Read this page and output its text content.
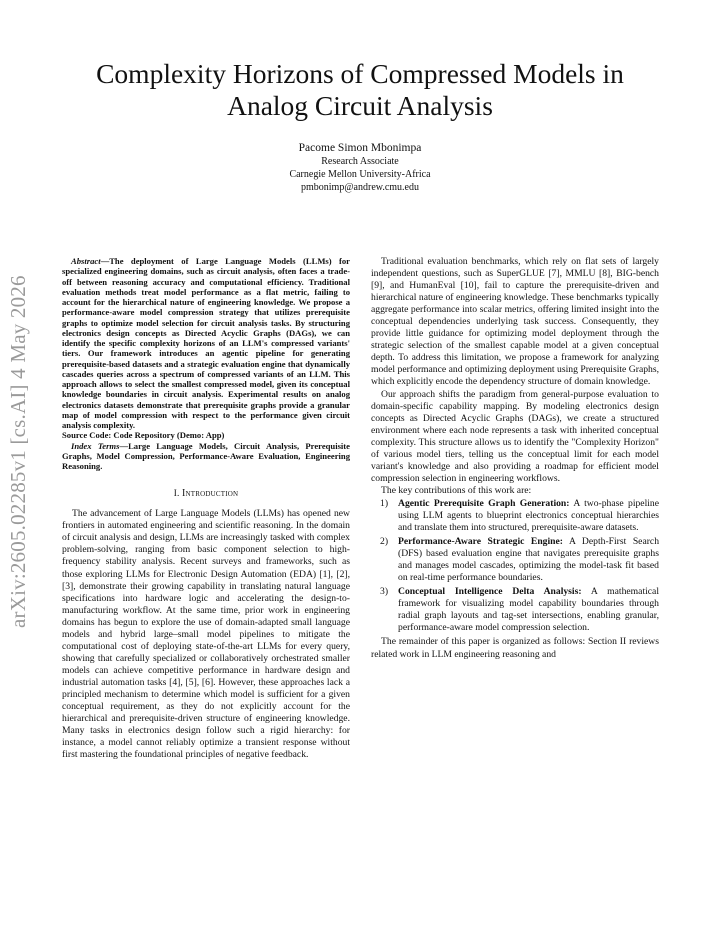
arXiv:2605.02285v1 [cs.AI] 4 May 2026
Complexity Horizons of Compressed Models in Analog Circuit Analysis
Pacome Simon Mbonimpa
Research Associate
Carnegie Mellon University-Africa
pmbonimp@andrew.cmu.edu

Abstract—The deployment of Large Language Models (LLMs) for specialized engineering domains, such as circuit analysis, often faces a trade-off between reasoning accuracy and computational efficiency. Traditional evaluation methods treat model performance as a flat metric, failing to account for the hierarchical nature of engineering knowledge. We propose a performance-aware model compression strategy that utilizes prerequisite graphs to optimize model selection for circuit analysis tasks. By structuring electronics design concepts as Directed Acyclic Graphs (DAGs), we can identify the specific complexity horizons of an LLM's compressed variants' tiers. Our framework introduces an agentic pipeline for generating prerequisite-based datasets and a strategic evaluation engine that dynamically cascades queries across a spectrum of compressed variants of an LLM. This approach allows to select the smallest compressed model, given its conceptual knowledge boundaries in circuit analysis. Experimental results on analog electronics datasets demonstrate that prerequisite graphs provide a granular map of model compression with respect to the performance given circuit analysis complexity.

Source Code: Code Repository (Demo: App)

Index Terms—Large Language Models, Circuit Analysis, Prerequisite Graphs, Model Compression, Performance-Aware Evaluation, Engineering Reasoning.

I. Introduction

The advancement of Large Language Models (LLMs) has opened new frontiers in automated engineering and scientific reasoning. In the domain of circuit analysis and design, LLMs are increasingly tasked with complex problem-solving, ranging from basic component selection to high-frequency stability analysis. Recent surveys and frameworks, such as those exploring LLMs for Electronic Design Automation (EDA) [1], [2], [3], demonstrate their growing capability in translating natural language specifications into hardware logic and accelerating the design-to-manufacturing workflow. At the same time, prior work in engineering domains has begun to explore the use of domain-adapted small language models and hybrid large–small model pipelines to mitigate the computational cost of deploying state-of-the-art LLMs for every query, showing that carefully specialized or collaboratively orchestrated smaller models can achieve competitive performance in hardware design and industrial automation tasks [4], [5], [6]. However, these approaches lack a principled mechanism to determine which model is sufficient for a given conceptual requirement, as they do not explicitly account for the hierarchical and prerequisite-driven structure of engineering knowledge. Many tasks in electronics design follow such a rigid hierarchy: for instance, a model cannot reliably optimize a transient response without first mastering the foundational principles of negative feedback.

Traditional evaluation benchmarks, which rely on flat sets of largely independent questions, such as SuperGLUE [7], MMLU [8], BIG-bench [9], and HumanEval [10], fail to capture the prerequisite-driven and hierarchical nature of engineering knowledge. These benchmarks typically aggregate performance into scalar metrics, offering limited insight into the conceptual dependencies underlying task success. Consequently, they provide little guidance for optimizing model deployment through the strategic selection of the smallest capable model at a given conceptual depth. To address this limitation, we propose a framework for analyzing model performance and optimizing deployment using Prerequisite Graphs, which explicitly encode the dependency structure of domain knowledge.

Our approach shifts the paradigm from general-purpose evaluation to domain-specific capability mapping. By modeling electronics design concepts as Directed Acyclic Graphs (DAGs), we create a structured environment where each node represents a task with inherited conceptual complexity. This structure allows us to identify the "Complexity Horizon" of various model tiers, telling us the conceptual limit for each model variant's knowledge and also providing a roadmap for efficient model compression selection in engineering workflows.

The key contributions of this work are:

1) Agentic Prerequisite Graph Generation: A two-phase pipeline using LLM agents to blueprint electronics conceptual hierarchies and translate them into structured, prerequisite-aware datasets.
2) Performance-Aware Strategic Engine: A Depth-First Search (DFS) based evaluation engine that navigates prerequisite graphs and manages model cascades, optimizing the model-task fit based on real-time performance boundaries.
3) Conceptual Intelligence Delta Analysis: A mathematical framework for visualizing model capability boundaries through radial graph layouts and tag-set intersections, enabling granular, performance-aware model compression selection.

The remainder of this paper is organized as follows: Section II reviews related work in LLM engineering reasoning and
